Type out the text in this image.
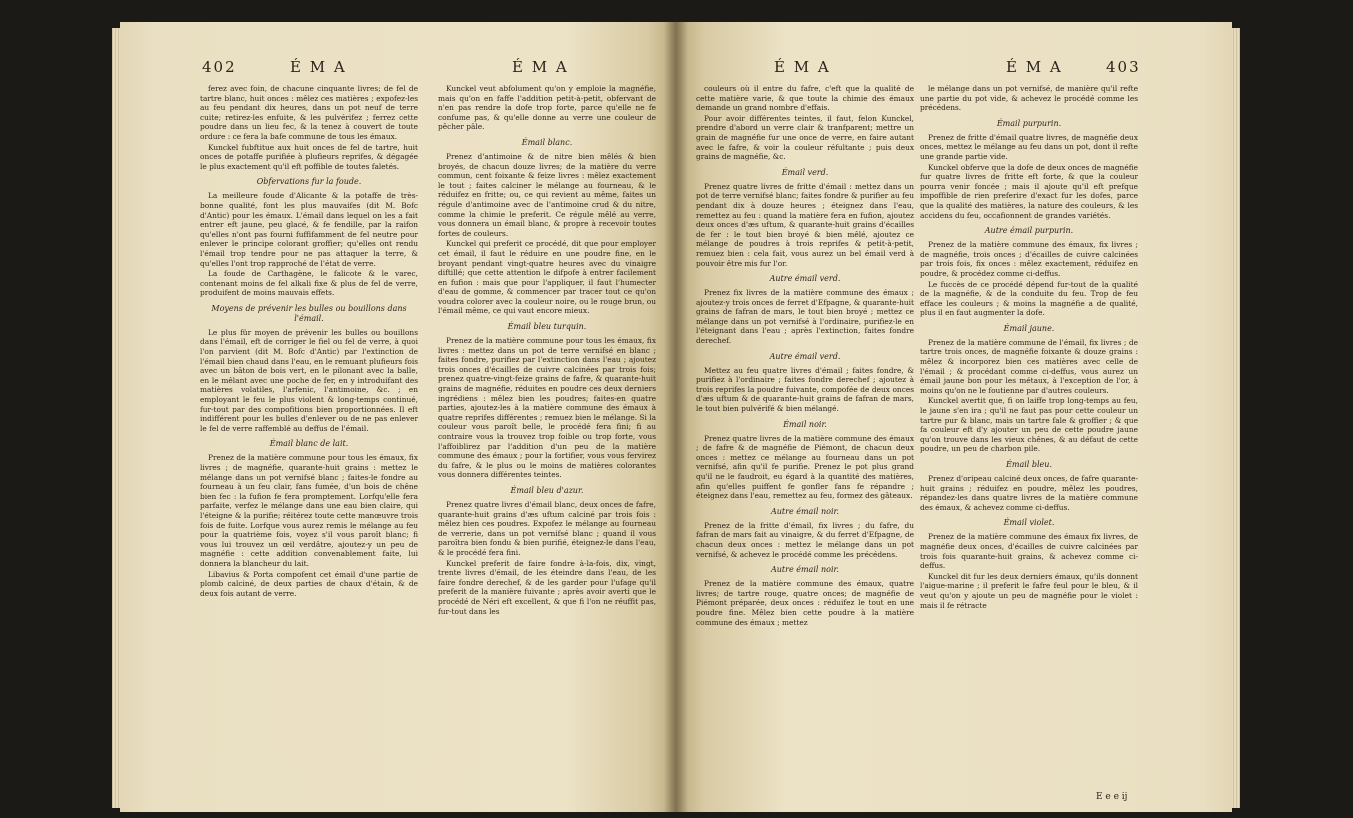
402	É M A	É M A

ferez avec foin, de chacune cinquante livres; de fel de tartre blanc, huit onces : mêlez ces matières ; expofez-les au feu pendant dix heures, dans un pot neuf de terre cuite; retirez-les enfuite, & les pulvérifez ; ferrez cette poudre dans un lieu fec, & la tenez à couvert de toute ordure : ce fera la bafe commune de tous les émaux.

Kunckel fubftitue aux huit onces de fel de tartre, huit onces de potaffe purifiée à plufieurs reprifes, & dégagée le plus exactement qu'il eft poffible de toutes faletés.

Obfervations fur la foude.

La meilleure foude d'Alicante & la potaffe de très-bonne qualité, font les plus mauvaifes (dit M. Bofc d'Antic) pour les émaux. L'émail dans lequel on les a fait entrer eft jaune, peu glacé, & fe fendille, par la raifon qu'elles n'ont pas fourni fuffifamment de fel neutre pour enlever le principe colorant groffier; qu'elles ont rendu l'émail trop tendre pour ne pas attaquer la terre, & qu'elles l'ont trop rapproché de l'état de verre.

La foude de Carthagène, le falicote & le varec, contenant moins de fel alkali fixe & plus de fel de verre, produifent de moins mauvais effets.

Moyens de prévenir les bulles ou bouillons dans l'émail.

Le plus für moyen de prévenir les bulles ou bouillons dans l'émail, eft de corriger le fiel ou fel de verre, à quoi l'on parvient (dit M. Bofc d'Antic) par l'extinction de l'émail bien chaud dans l'eau, en le remuant plufieurs fois avec un bâton de bois vert, en le pilonant avec la balle, en le mêlant avec une poche de fer, en y introduifant des matières volatiles, l'arfenic, l'antimoine, &c. ; en employant le feu le plus violent & long-temps continué, fur-tout par des compofitions bien proportionnées. Il eft indifférent pour les bulles d'enlever ou de ne pas enlever le fel de verre raffemblé au deffus de l'émail.

Émail blanc de lait.

Prenez de la matière commune pour tous les émaux, fix livres ; de magnéfie, quarante-huit grains : mettez le mélange dans un pot vernifsé blanc ; faites-le fondre au fourneau à un feu clair, fans fumée, d'un bois de chêne bien fec : la fufion fe fera promptement. Lorfqu'elle fera parfaite, verfez le mélange dans une eau bien claire, qui l'éteigne & la purifie; réitérez toute cette manœuvre trois fois de fuite. Lorfque vous aurez remis le mélange au feu pour la quatrième fois, voyez s'il vous paroît blanc; fi vous lui trouvez un œil verdâtre, ajoutez-y un peu de magnéfie : cette addition convenablement faite, lui donnera la blancheur du lait.

Libavius & Porta compofent cet émail d'une partie de plomb calciné, de deux parties de chaux d'étain, & de deux fois autant de verre.

Kunckel veut abfolument qu'on y emploie la magnéfie, mais qu'on en faffe l'addition petit-à-petit, obfervant de n'en pas rendre la dofe trop forte, parce qu'elle ne fe confume pas, & qu'elle donne au verre une couleur de pêcher pâle.

Émail blanc.

Prenez d'antimoine & de nitre bien mêlés & bien broyés, de chacun douze livres; de la matière du verre commun, cent foixante & feize livres : mêlez exactement le tout ; faites calciner le mélange au fourneau, & le réduifez en fritte; ou, ce qui revient au même, faites un régule d'antimoine avec de l'antimoine crud & du nitre, comme la chimie le preferit. Ce régule mêlé au verre, vous donnera un émail blanc, & propre à recevoir toutes fortes de couleurs.

Kunckel qui preferit ce procédé, dit que pour employer cet émail, il faut le réduire en une poudre fine, en le broyant pendant vingt-quatre heures avec du vinaigre diftillé; que cette attention le difpofe à entrer facilement en fufion : mais que pour l'appliquer, il faut l'humecter d'eau de gomme, & commencer par tracer tout ce qu'on voudra colorer avec la couleur noire, ou le rouge brun, ou l'émail même, ce qui vaut encore mieux.

Émail bleu turquin.

Prenez de la matière commune pour tous les émaux, fix livres : mettez dans un pot de terre vernifsé en blanc ; faites fondre, purifiez par l'extinction dans l'eau ; ajoutez trois onces d'écailles de cuivre calcinées par trois fois; prenez quatre-vingt-feize grains de fafre, & quarante-huit grains de magnéfie, réduites en poudre ces deux derniers ingrédiens : mêlez bien les poudres; faites-en quatre parties, ajoutez-les à la matière commune des émaux à quatre reprifes différentes ; remuez bien le mélange. Si la couleur vous paroît belle, le procédé fera fini; fi au contraire vous la trouvez trop foible ou trop forte, vous l'affoiblirez par l'addition d'un peu de la matière commune des émaux ; pour la fortifier, vous vous fervirez du fafre, & le plus ou le moins de matières colorantes vous donnera différentes teintes.

Émail bleu d'azur.

Prenez quatre livres d'émail blanc, deux onces de fafre, quarante-huit grains d'æs uftum calciné par trois fois : mêlez bien ces poudres. Expofez le mélange au fourneau de verrerie, dans un pot vernifsé blanc ; quand il vous paroîtra bien fondu & bien purifié, éteignez-le dans l'eau, & le procédé fera fini.

Kunckel preferit de faire fondre à-la-fois, dix, vingt, trente livres d'émail, de les éteindre dans l'eau, de les faire fondre derechef, & de les garder pour l'ufage qu'il preferit de la manière fuivante ; après avoir averti que le procédé de Néri eft excellent, & que fi l'on ne réuffit pas, fur-tout dans les

É M A	É M A	403

couleurs où il entre du fafre, c'eft que la qualité de cette matière varie, & que toute la chimie des émaux demande un grand nombre d'effais.

Pour avoir différentes teintes, il faut, felon Kunckel, prendre d'abord un verre clair & tranfparent; mettre un grain de magnéfie fur une once de verre, en faire autant avec le fafre, & voir la couleur réfultante ; puis deux grains de magnéfie, &c.

Émail verd.

Prenez quatre livres de fritte d'émail : mettez dans un pot de terre vernifsé blanc; faites fondre & purifier au feu pendant dix à douze heures ; éteignez dans l'eau, remettez au feu : quand la matière fera en fufion, ajoutez deux onces d'æs uftum, & quarante-huit grains d'écailles de fer : le tout bien broyé & bien mêlé, ajoutez ce mélange de poudres à trois reprifes & petit-à-petit, remuez bien : cela fait, vous aurez un bel émail verd à pouvoir être mis fur l'or.

Autre émail verd.

Prenez fix livres de la matière commune des émaux ; ajoutez-y trois onces de ferret d'Efpagne, & quarante-huit grains de fafran de mars, le tout bien broyé ; mettez ce mélange dans un pot vernifsé à l'ordinaire, purifiez-le en l'éteignant dans l'eau ; après l'extinction, faites fondre derechef.

Autre émail verd.

Mettez au feu quatre livres d'émail ; faites fondre, & purifiez à l'ordinaire ; faites fondre derechef ; ajoutez à trois reprifes la poudre fuivante, compofée de deux onces d'æs uftum & de quarante-huit grains de fafran de mars, le tout bien pulvérifé & bien mélangé.

Émail noir.

Prenez quatre livres de la matière commune des émaux ; de fafre & de magnéfie de Piémont, de chacun deux onces : mettez ce mélange au fourneau dans un pot vernifsé, afin qu'il fe purifie. Prenez le pot plus grand qu'il ne le faudroit, eu égard à la quantité des matières, afin qu'elles puiffent fe gonfler fans fe répandre ; éteignez dans l'eau, remettez au feu, formez des gâteaux.

Autre émail noir.

Prenez de la fritte d'émail, fix livres ; du fafre, du fafran de mars fait au vinaigre, & du ferret d'Efpagne, de chacun deux onces : mettez le mélange dans un pot vernifsé, & achevez le procédé comme les précédens.

Autre émail noir.

Prenez de la matière commune des émaux, quatre livres; de tartre rouge, quatre onces; de magnéfie de Piémont préparée, deux onces : réduifez le tout en une poudre fine. Mêlez bien cette poudre à la matière commune des émaux ; mettez

le mélange dans un pot vernifsé, de manière qu'il refte une partie du pot vide, & achevez le procédé comme les précédens.

Émail purpurin.

Prenez de fritte d'émail quatre livres, de magnéfie deux onces, mettez le mélange au feu dans un pot, dont il refte une grande partie vide.

Kunckel obferve que la dofe de deux onces de magnéfie fur quatre livres de fritte eft forte, & que la couleur pourra venir foncée ; mais il ajoute qu'il eft prefque impoffible de rien preferire d'exact fur les dofes, parce que la qualité des matières, la nature des couleurs, & les accidens du feu, occafionnent de grandes variétés.

Autre émail purpurin.

Prenez de la matière commune des émaux, fix livres ; de magnéfie, trois onces ; d'écailles de cuivre calcinées par trois fois, fix onces : mêlez exactement, réduifez en poudre, & procédez comme ci-deffus.

Le fuccès de ce procédé dépend fur-tout de la qualité de la magnéfie, & de la conduite du feu. Trop de feu efface les couleurs ; & moins la magnéfie a de qualité, plus il en faut augmenter la dofe.

Émail jaune.

Prenez de la matière commune de l'émail, fix livres ; de tartre trois onces, de magnéfie foixante & douze grains : mêlez & incorporez bien ces matières avec celle de l'émail ; & procédant comme ci-deffus, vous aurez un émail jaune bon pour les métaux, à l'exception de l'or, à moins qu'on ne le foutienne par d'autres couleurs.

Kunckel avertit que, fi on laiffe trop long-temps au feu, le jaune s'en ira ; qu'il ne faut pas pour cette couleur un tartre pur & blanc, mais un tartre fale & groffier ; & que fa couleur eft d'y ajouter un peu de cette poudre jaune qu'on trouve dans les vieux chênes, & au défaut de cette poudre, un peu de charbon pile.

Émail bleu.

Prenez d'oripeau calciné deux onces, de fafre quarante-huit grains ; réduifez en poudre, mêlez les poudres, répandez-les dans quatre livres de la matière commune des émaux, & achevez comme ci-deffus.

Émail violet.

Prenez de la matière commune des émaux fix livres, de magnéfie deux onces, d'écailles de cuivre calcinées par trois fois quarante-huit grains, & achevez comme ci-deffus.

Kunckel dit fur les deux derniers émaux, qu'ils donnent l'aigue-marine ; il preferit le fafre feul pour le bleu, & il veut qu'on y ajoute un peu de magnéfie pour le violet : mais il fe rétracte

E e e ij
